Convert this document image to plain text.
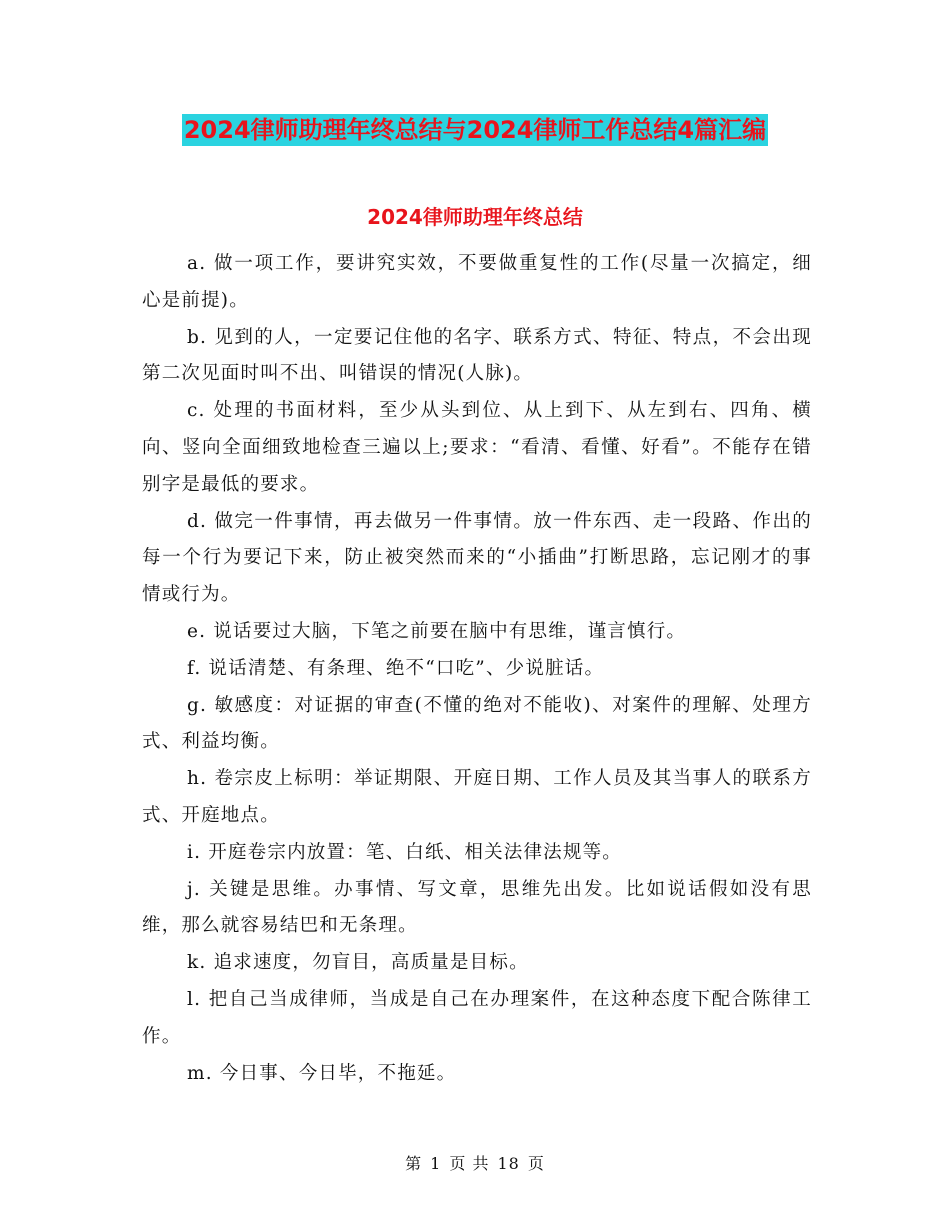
2024律师助理年终总结与2024律师工作总结4篇汇编
2024律师助理年终总结

a. 做一项工作，要讲究实效，不要做重复性的工作(尽量一次搞定，细心是前提)。

b. 见到的人，一定要记住他的名字、联系方式、特征、特点，不会出现第二次见面时叫不出、叫错误的情况(人脉)。

c. 处理的书面材料，至少从头到位、从上到下、从左到右、四角、横向、竖向全面细致地检查三遍以上;要求：“看清、看懂、好看”。不能存在错别字是最低的要求。

d. 做完一件事情，再去做另一件事情。放一件东西、走一段路、作出的每一个行为要记下来，防止被突然而来的“小插曲”打断思路，忘记刚才的事情或行为。

e. 说话要过大脑，下笔之前要在脑中有思维，谨言慎行。

f. 说话清楚、有条理、绝不“口吃”、少说脏话。

g. 敏感度：对证据的审查(不懂的绝对不能收)、对案件的理解、处理方式、利益均衡。

h. 卷宗皮上标明：举证期限、开庭日期、工作人员及其当事人的联系方式、开庭地点。

i. 开庭卷宗内放置：笔、白纸、相关法律法规等。

j. 关键是思维。办事情、写文章，思维先出发。比如说话假如没有思维，那么就容易结巴和无条理。

k. 追求速度，勿盲目，高质量是目标。

l. 把自己当成律师，当成是自己在办理案件，在这种态度下配合陈律工作。

m. 今日事、今日毕，不拖延。

第 1 页 共 18 页
